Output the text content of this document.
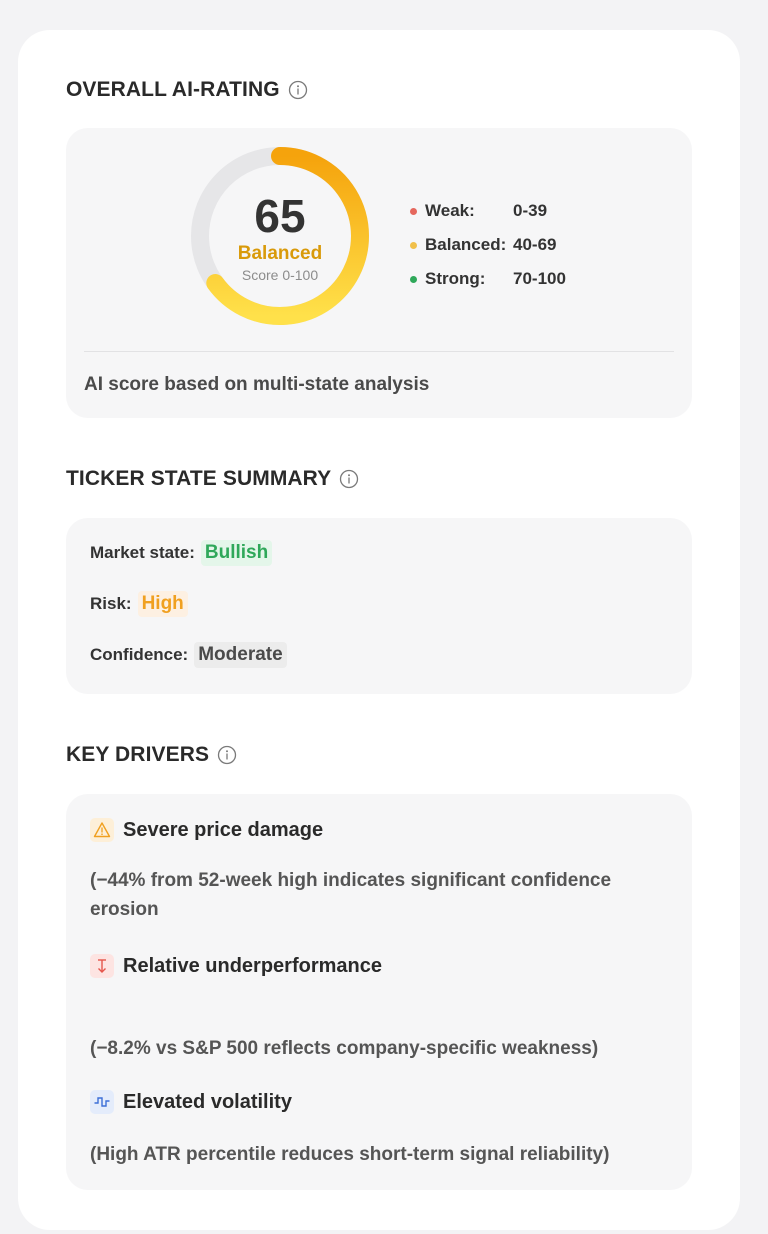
OVERALL AI-RATING
65
Balanced
Score 0-100
Weak:	0-39
Balanced: 40-69
Strong:	70-100
AI score based on multi-state analysis
TICKER STATE SUMMARY
Market state: Bullish
Risk: High
Confidence: Moderate
KEY DRIVERS
Severe price damage
(−44% from 52-week high indicates significant confidence erosion
Relative underperformance
(−8.2% vs S&P 500 reflects company-specific weakness)
Elevated volatility
(High ATR percentile reduces short-term signal reliability)
